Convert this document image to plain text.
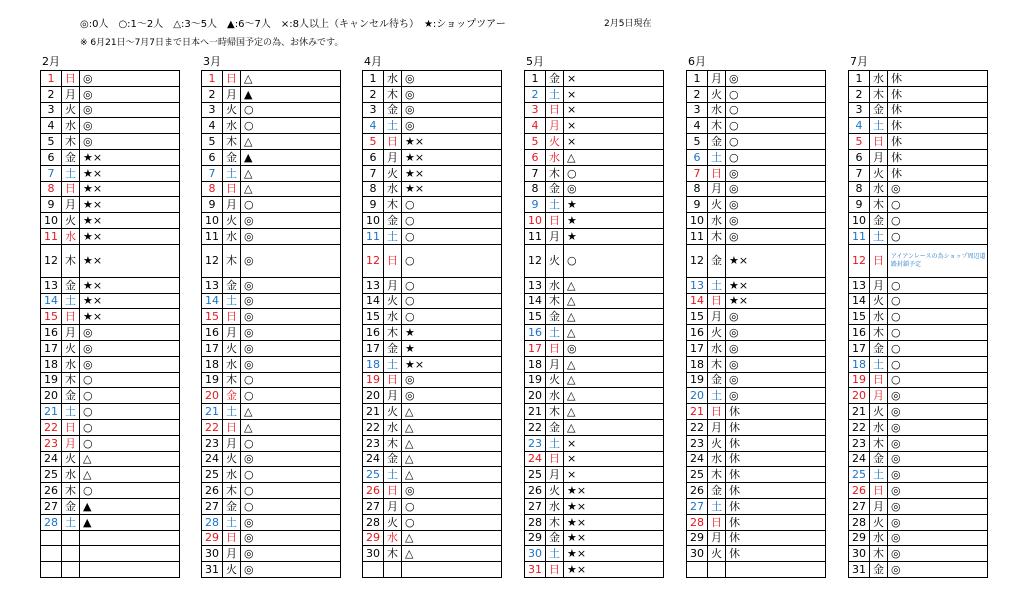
◎:0人　○:1～2人　△:3～5人　▲:6～7人　×:8人以上（キャンセル待ち）　★:ショップツアー	2月5日現在
※ 6月21日～7月7日まで日本へ一時帰国予定の為、お休みです。
2月
1	日	◎
2	月	◎
3	火	◎
4	水	◎
5	木	◎
6	金	★×
7	土	★×
8	日	★×
9	月	★×
10	火	★×
11	水	★×
12	木	★×
13	金	★×
14	土	★×
15	日	★×
16	月	◎
17	火	◎
18	水	◎
19	木	○
20	金	○
21	土	○
22	日	○
23	月	○
24	火	△
25	水	△
26	木	○
27	金	▲
28	土	▲

3月
1	日	△
2	月	▲
3	火	○
4	水	○
5	木	△
6	金	▲
7	土	△
8	日	△
9	月	○
10	火	◎
11	水	◎
12	木	◎
13	金	◎
14	土	◎
15	日	◎
16	月	◎
17	火	◎
18	水	◎
19	木	○
20	金	○
21	土	△
22	日	△
23	月	○
24	火	◎
25	水	○
26	木	○
27	金	○
28	土	◎
29	日	◎
30	月	◎
31	火	◎
4月
1	水	◎
2	木	◎
3	金	◎
4	土	◎
5	日	★×
6	月	★×
7	火	★×
8	水	★×
9	木	○
10	金	○
11	土	○
12	日	○
13	月	○
14	火	○
15	水	○
16	木	★
17	金	★
18	土	★×
19	日	◎
20	月	◎
21	火	△
22	水	△
23	木	△
24	金	△
25	土	△
26	日	◎
27	月	○
28	火	○
29	水	△
30	木	△

5月
1	金	×
2	土	×
3	日	×
4	月	×
5	火	×
6	水	△
7	木	○
8	金	◎
9	土	★
10	日	★
11	月	★
12	火	○
13	水	△
14	木	△
15	金	△
16	土	△
17	日	◎
18	月	△
19	火	△
20	水	△
21	木	△
22	金	△
23	土	×
24	日	×
25	月	×
26	火	★×
27	水	★×
28	木	★×
29	金	★×
30	土	★×
31	日	★×
6月
1	月	◎
2	火	○
3	水	○
4	木	○
5	金	○
6	土	○
7	日	◎
8	月	◎
9	火	◎
10	水	◎
11	木	◎
12	金	★×
13	土	★×
14	日	★×
15	月	◎
16	火	◎
17	水	◎
18	木	◎
19	金	◎
20	土	◎
21	日	休
22	月	休
23	火	休
24	水	休
25	木	休
26	金	休
27	土	休
28	日	休
29	月	休
30	火	休

7月
1	水	休
2	木	休
3	金	休
4	土	休
5	日	休
6	月	休
7	火	休
8	水	◎
9	木	○
10	金	○
11	土	○
12	日	アイアンレースの為ショップ周辺道路封鎖予定

13	月	○
14	火	○
15	水	○
16	木	○
17	金	○
18	土	○
19	日	○
20	月	◎
21	火	◎
22	水	◎
23	木	◎
24	金	◎
25	土	◎
26	日	◎
27	月	◎
28	火	◎
29	水	◎
30	木	◎
31	金	◎
